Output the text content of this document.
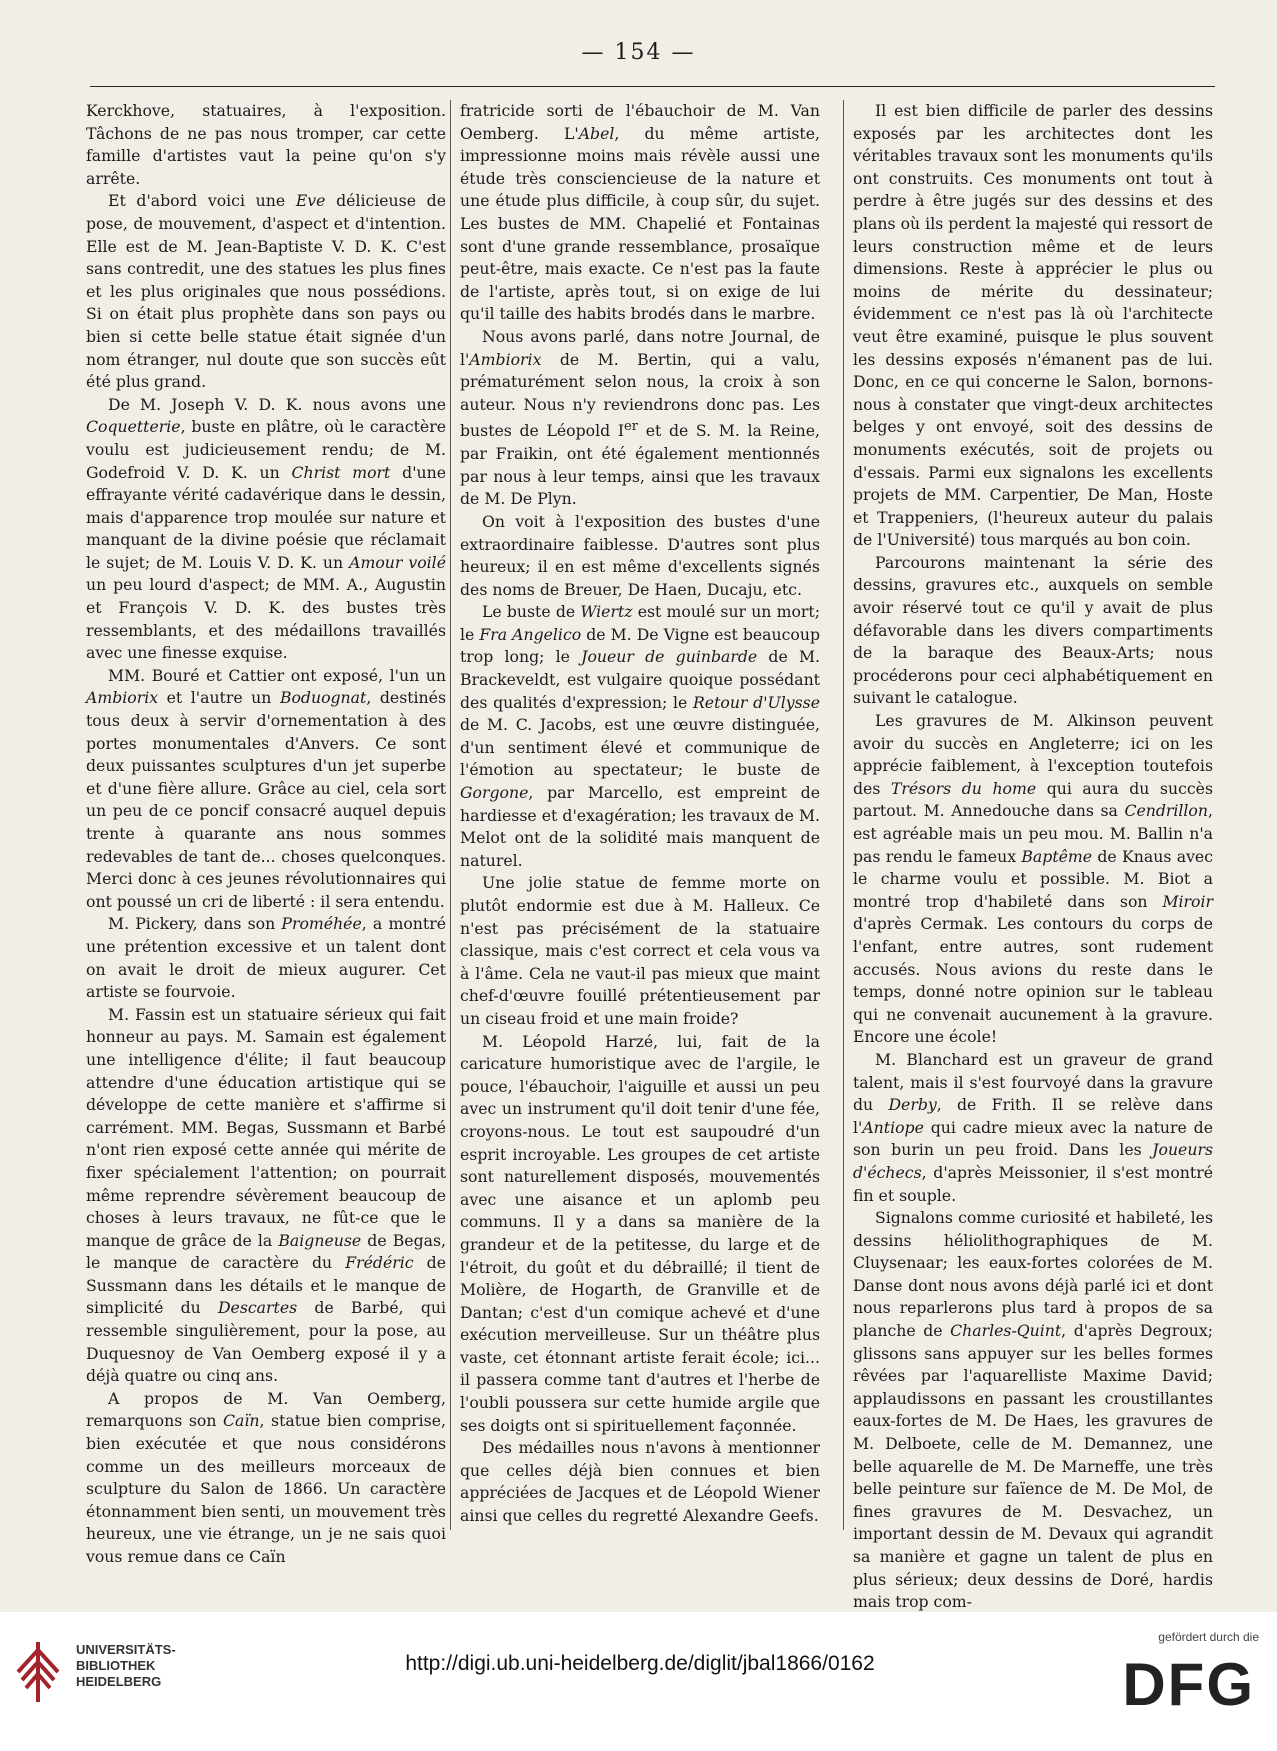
— 154 —

Kerckhove, statuaires, à l'exposition. Tâchons de ne pas nous tromper, car cette famille d'artistes vaut la peine qu'on s'y arrête.

Et d'abord voici une Eve délicieuse de pose, de mouvement, d'aspect et d'intention. Elle est de M. Jean-Baptiste V. D. K. C'est sans contredit, une des statues les plus fines et les plus originales que nous possédions. Si on était plus prophète dans son pays ou bien si cette belle statue était signée d'un nom étranger, nul doute que son succès eût été plus grand.

De M. Joseph V. D. K. nous avons une Coquetterie, buste en plâtre, où le caractère voulu est judicieusement rendu; de M. Godefroid V. D. K. un Christ mort d'une effrayante vérité cadavérique dans le dessin, mais d'apparence trop moulée sur nature et manquant de la divine poésie que réclamait le sujet; de M. Louis V. D. K. un Amour voilé un peu lourd d'aspect; de MM. A., Augustin et François V. D. K. des bustes très ressemblants, et des médaillons travaillés avec une finesse exquise.

MM. Bouré et Cattier ont exposé, l'un un Ambiorix et l'autre un Boduognat, destinés tous deux à servir d'ornementation à des portes monumentales d'Anvers. Ce sont deux puissantes sculptures d'un jet superbe et d'une fière allure. Grâce au ciel, cela sort un peu de ce poncif consacré auquel depuis trente à quarante ans nous sommes redevables de tant de... choses quelconques. Merci donc à ces jeunes révolutionnaires qui ont poussé un cri de liberté : il sera entendu.

M. Pickery, dans son Proméhée, a montré une prétention excessive et un talent dont on avait le droit de mieux augurer. Cet artiste se fourvoie.

M. Fassin est un statuaire sérieux qui fait honneur au pays. M. Samain est également une intelligence d'élite; il faut beaucoup attendre d'une éducation artistique qui se développe de cette manière et s'affirme si carrément. MM. Begas, Sussmann et Barbé n'ont rien exposé cette année qui mérite de fixer spécialement l'attention; on pourrait même reprendre sévèrement beaucoup de choses à leurs travaux, ne fût-ce que le manque de grâce de la Baigneuse de Begas, le manque de caractère du Frédéric de Sussmann dans les détails et le manque de simplicité du Descartes de Barbé, qui ressemble singulièrement, pour la pose, au Duquesnoy de Van Oemberg exposé il y a déjà quatre ou cinq ans.

A propos de M. Van Oemberg, remarquons son Caïn, statue bien comprise, bien exécutée et que nous considérons comme un des meilleurs morceaux de sculpture du Salon de 1866. Un caractère étonnamment bien senti, un mouvement très heureux, une vie étrange, un je ne sais quoi vous remue dans ce Caïn

fratricide sorti de l'ébauchoir de M. Van Oemberg. L'Abel, du même artiste, impressionne moins mais révèle aussi une étude très consciencieuse de la nature et une étude plus difficile, à coup sûr, du sujet. Les bustes de MM. Chapelié et Fontainas sont d'une grande ressemblance, prosaïque peut-être, mais exacte. Ce n'est pas la faute de l'artiste, après tout, si on exige de lui qu'il taille des habits brodés dans le marbre.

Nous avons parlé, dans notre Journal, de l'Ambiorix de M. Bertin, qui a valu, prématurément selon nous, la croix à son auteur. Nous n'y reviendrons donc pas. Les bustes de Léopold Ier et de S. M. la Reine, par Fraikin, ont été également mentionnés par nous à leur temps, ainsi que les travaux de M. De Plyn.

On voit à l'exposition des bustes d'une extraordinaire faiblesse. D'autres sont plus heureux; il en est même d'excellents signés des noms de Breuer, De Haen, Ducaju, etc.

Le buste de Wiertz est moulé sur un mort; le Fra Angelico de M. De Vigne est beaucoup trop long; le Joueur de guinbarde de M. Brackeveldt, est vulgaire quoique possédant des qualités d'expression; le Retour d'Ulysse de M. C. Jacobs, est une œuvre distinguée, d'un sentiment élevé et communique de l'émotion au spectateur; le buste de Gorgone, par Marcello, est empreint de hardiesse et d'exagération; les travaux de M. Melot ont de la solidité mais manquent de naturel.

Une jolie statue de femme morte on plutôt endormie est due à M. Halleux. Ce n'est pas précisément de la statuaire classique, mais c'est correct et cela vous va à l'âme. Cela ne vaut-il pas mieux que maint chef-d'œuvre fouillé prétentieusement par un ciseau froid et une main froide?

M. Léopold Harzé, lui, fait de la caricature humoristique avec de l'argile, le pouce, l'ébauchoir, l'aiguille et aussi un peu avec un instrument qu'il doit tenir d'une fée, croyons-nous. Le tout est saupoudré d'un esprit incroyable. Les groupes de cet artiste sont naturellement disposés, mouvementés avec une aisance et un aplomb peu communs. Il y a dans sa manière de la grandeur et de la petitesse, du large et de l'étroit, du goût et du débraillé; il tient de Molière, de Hogarth, de Granville et de Dantan; c'est d'un comique achevé et d'une exécution merveilleuse. Sur un théâtre plus vaste, cet étonnant artiste ferait école; ici... il passera comme tant d'autres et l'herbe de l'oubli poussera sur cette humide argile que ses doigts ont si spirituellement façonnée.

Des médailles nous n'avons à mentionner que celles déjà bien connues et bien appréciées de Jacques et de Léopold Wiener ainsi que celles du regretté Alexandre Geefs.

Il est bien difficile de parler des dessins exposés par les architectes dont les véritables travaux sont les monuments qu'ils ont construits. Ces monuments ont tout à perdre à être jugés sur des dessins et des plans où ils perdent la majesté qui ressort de leurs construction même et de leurs dimensions. Reste à apprécier le plus ou moins de mérite du dessinateur; évidemment ce n'est pas là où l'architecte veut être examiné, puisque le plus souvent les dessins exposés n'émanent pas de lui. Donc, en ce qui concerne le Salon, bornons-nous à constater que vingt-deux architectes belges y ont envoyé, soit des dessins de monuments exécutés, soit de projets ou d'essais. Parmi eux signalons les excellents projets de MM. Carpentier, De Man, Hoste et Trappeniers, (l'heureux auteur du palais de l'Université) tous marqués au bon coin.

Parcourons maintenant la série des dessins, gravures etc., auxquels on semble avoir réservé tout ce qu'il y avait de plus défavorable dans les divers compartiments de la baraque des Beaux-Arts; nous procéderons pour ceci alphabétiquement en suivant le catalogue.

Les gravures de M. Alkinson peuvent avoir du succès en Angleterre; ici on les apprécie faiblement, à l'exception toutefois des Trésors du home qui aura du succès partout. M. Annedouche dans sa Cendrillon, est agréable mais un peu mou. M. Ballin n'a pas rendu le fameux Baptême de Knaus avec le charme voulu et possible. M. Biot a montré trop d'habileté dans son Miroir d'après Cermak. Les contours du corps de l'enfant, entre autres, sont rudement accusés. Nous avions du reste dans le temps, donné notre opinion sur le tableau qui ne convenait aucunement à la gravure. Encore une école!

M. Blanchard est un graveur de grand talent, mais il s'est fourvoyé dans la gravure du Derby, de Frith. Il se relève dans l'Antiope qui cadre mieux avec la nature de son burin un peu froid. Dans les Joueurs d'échecs, d'après Meissonier, il s'est montré fin et souple.

Signalons comme curiosité et habileté, les dessins héliolithographiques de M. Cluysenaar; les eaux-fortes colorées de M. Danse dont nous avons déjà parlé ici et dont nous reparlerons plus tard à propos de sa planche de Charles-Quint, d'après Degroux; glissons sans appuyer sur les belles formes rêvées par l'aquarelliste Maxime David; applaudissons en passant les croustillantes eaux-fortes de M. De Haes, les gravures de M. Delboete, celle de M. Demannez, une belle aquarelle de M. De Marneffe, une très belle peinture sur faïence de M. De Mol, de fines gravures de M. Desvachez, un important dessin de M. Devaux qui agrandit sa manière et gagne un talent de plus en plus sérieux; deux dessins de Doré, hardis mais trop com-

UNIVERSITÄTS-
BIBLIOTHEK
HEIDELBERG
http://digi.ub.uni-heidelberg.de/diglit/jbal1866/0162
gefördert durch die
DFG
